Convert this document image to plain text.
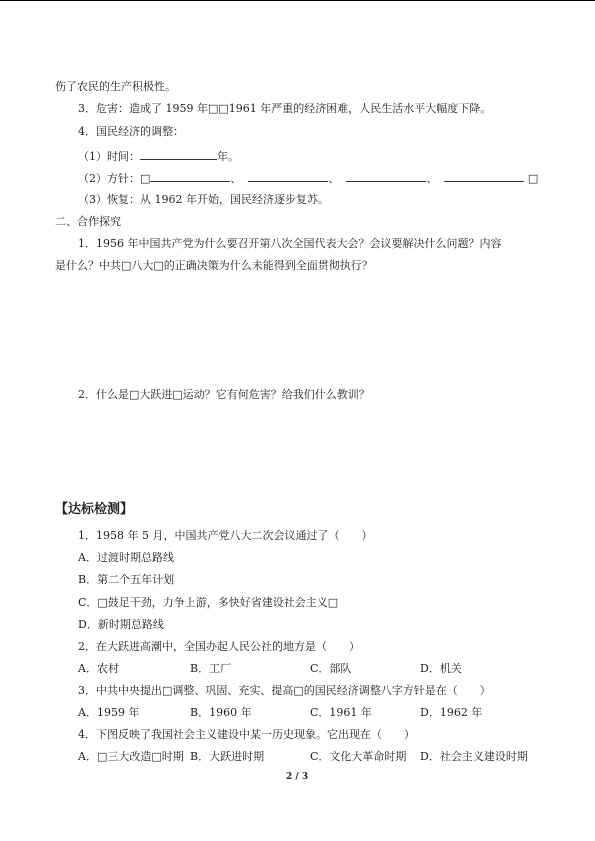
伤了农民的生产积极性。
3．危害：造成了 1959 年□□1961 年严重的经济困难，人民生活水平大幅度下降。
4．国民经济的调整：
（1）时间：	年。
（2）方针：□	、	、	、	□
（3）恢复：从 1962 年开始，国民经济逐步复苏。
二、合作探究
1．1956 年中国共产党为什么要召开第八次全国代表大会？会议要解决什么问题？内容
是什么？中共□八大□的正确决策为什么未能得到全面贯彻执行？
2．什么是□大跃进□运动？它有何危害？给我们什么教训？
【达标检测】
1．1958 年 5 月，中国共产党八大二次会议通过了（　　）
A．过渡时期总路线
B．第二个五年计划
C．□鼓足干劲，力争上游，多快好省建设社会主义□
D．新时期总路线
2．在大跃进高潮中，全国办起人民公社的地方是（　　）
A．农村	B．工厂	C．部队	D．机关
3．中共中央提出□调整、巩固、充实、提高□的国民经济调整八字方针是在（　　）
A．1959 年	B．1960 年	C．1961 年	D．1962 年
4．下图反映了我国社会主义建设中某一历史现象。它出现在（　　）
A．□三大改造□时期 B．大跃进时期	C．文化大革命时期 D．社会主义建设时期
2 / 3
